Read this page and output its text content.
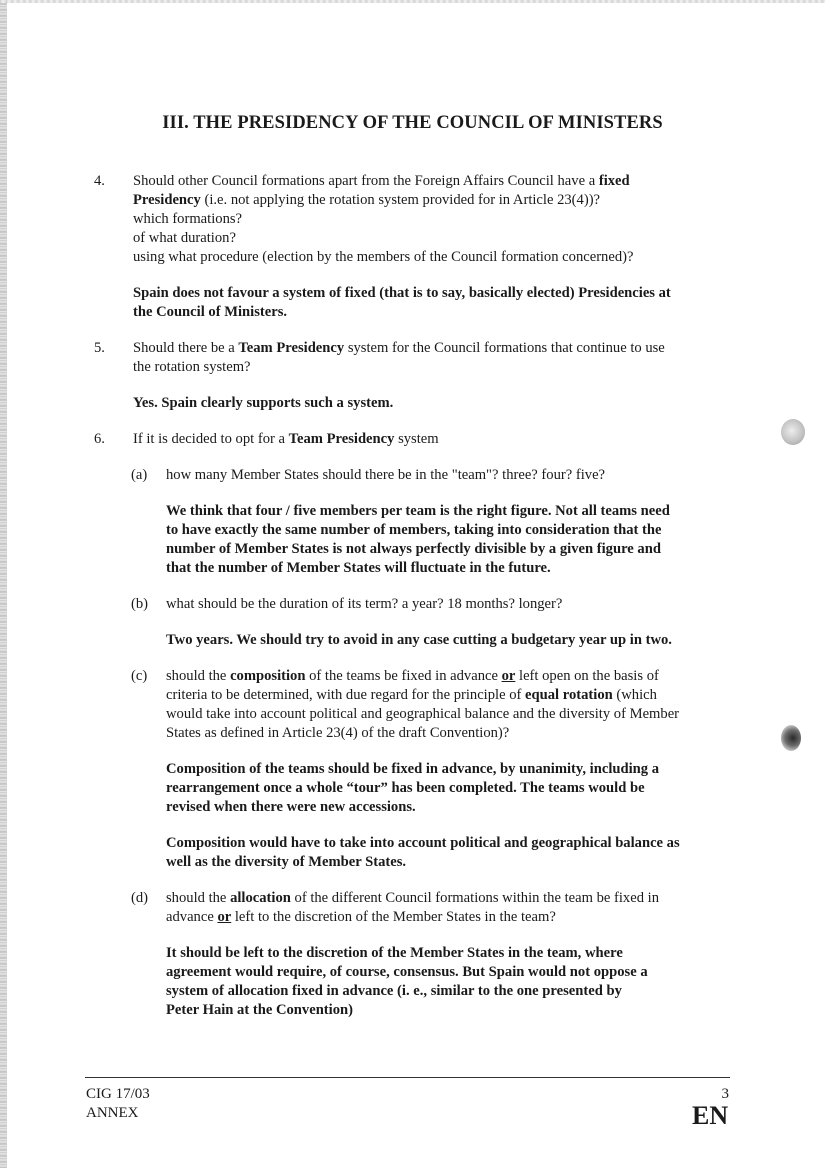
III. THE PRESIDENCY OF THE COUNCIL OF MINISTERS
4. Should other Council formations apart from the Foreign Affairs Council have a fixed
Presidency (i.e. not applying the rotation system provided for in Article 23(4))?
which formations?
of what duration?
using what procedure (election by the members of the Council formation concerned)?
Spain does not favour a system of fixed (that is to say, basically elected) Presidencies at
the Council of Ministers.
5. Should there be a Team Presidency system for the Council formations that continue to use
the rotation system?
Yes. Spain clearly supports such a system.
6. If it is decided to opt for a Team Presidency system
(a) how many Member States should there be in the "team"? three? four? five?
We think that four / five members per team is the right figure. Not all teams need
to have exactly the same number of members, taking into consideration that the
number of Member States is not always perfectly divisible by a given figure and
that the number of Member States will fluctuate in the future.
(b) what should be the duration of its term? a year? 18 months? longer?
Two years. We should try to avoid in any case cutting a budgetary year up in two.
(c) should the composition of the teams be fixed in advance or left open on the basis of
criteria to be determined, with due regard for the principle of equal rotation (which
would take into account political and geographical balance and the diversity of Member
States as defined in Article 23(4) of the draft Convention)?
Composition of the teams should be fixed in advance, by unanimity, including a
rearrangement once a whole “tour” has been completed. The teams would be
revised when there were new accessions.
Composition would have to take into account political and geographical balance as
well as the diversity of Member States.
(d) should the allocation of the different Council formations within the team be fixed in
advance or left to the discretion of the Member States in the team?
It should be left to the discretion of the Member States in the team, where
agreement would require, of course, consensus. But Spain would not oppose a
system of allocation fixed in advance (i. e., similar to the one presented by
Peter Hain at the Convention)
CIG 17/03
ANNEX
3
EN
